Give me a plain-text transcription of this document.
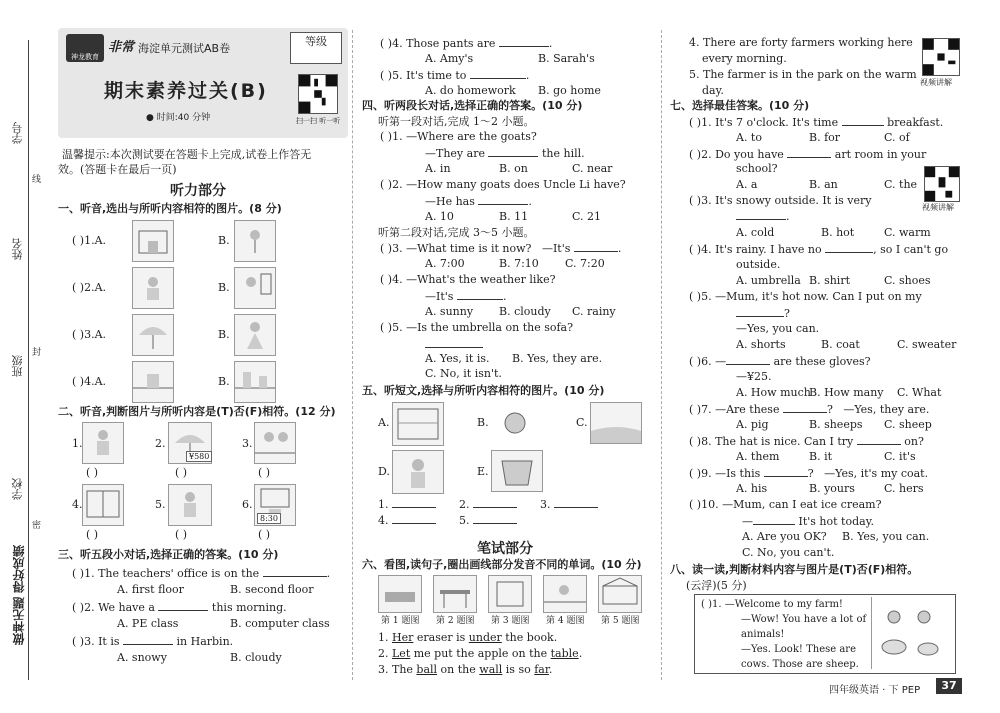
学号
姓名
班级
学校
线
封
密
做神无题 得好成绩
神龙教育
非常 海淀单元测试AB卷
等级
期末素养过关(B)
● 时间:40 分钟	扫一扫 听一听
温馨提示:本次测试要在答题卡上完成,试卷上作答无
效。(答题卡在最后一页)
听力部分
一、听音,选出与所听内容相符的图片。(8 分)
( )1.A.	B.
( )2.A.	B.
( )3.A.	B.
( )4.A.	B.
二、听音,判断图片与所听内容是(T)否(F)相符。(12 分)
1.
( )
2.
¥580
( )
3.
( )
4.
( )
5.
( )
6.
8:30
( )
三、听五段小对话,选择正确的答案。(10 分)
( )1. The teachers' office is on the	.
A. first floor	B. second floor
( )2. We have a	this morning.
A. PE class	B. computer class
( )3. It is	in Harbin.
A. snowy	B. cloudy
( )4. Those pants are	.
A. Amy's	B. Sarah's
( )5. It's time to	.
A. do homework B. go home
四、听两段长对话,选择正确的答案。(10 分)
听第一段对话,完成 1～2 小题。
( )1. —Where are the goats?
—They are	the hill.
A. in	B. on	C. near
( )2. —How many goats does Uncle Li have?
—He has	.
A. 10	B. 11	C. 21
听第二段对话,完成 3～5 小题。
( )3. —What time is it now? —It's	.
A. 7:00	B. 7:10 C. 7:20
( )4. —What's the weather like?
—It's	.
A. sunny B. cloudy C. rainy
( )5. —Is the umbrella on the sofa?
A. Yes, it is. B. Yes, they are.
C. No, it isn't.
五、听短文,选择与所听内容相符的图片。(10 分)
A.	B.	C.
D.	E.
1.	2.	3.
4.	5.
笔试部分
六、看图,读句子,圈出画线部分发音不同的单词。(10 分)
第 1 题图 第 2 题图 第 3 题图 第 4 题图 第 5 题图
1. Her eraser is under the book.
2. Let me put the apple on the table.
3. The ball on the wall is so far.
4. There are forty farmers working here
every morning.
5. The farmer is in the park on the warm
day.
视频讲解
七、选择最佳答案。(10 分)
( )1. It's 7 o'clock. It's time	breakfast.
A. to	B. for	C. of
( )2. Do you have	art room in your
school?
A. a	B. an	C. the
视频讲解
( )3. It's snowy outside. It is very
.
A. cold	B. hot	C. warm
( )4. It's rainy. I have no	, so I can't go
outside.
A. umbrella B. shirt	C. shoes
( )5. —Mum, it's hot now. Can I put on my
?
—Yes, you can.
A. shorts	B. coat	C. sweater
( )6. —	are these gloves?
—¥25.
A. How much
B. How many C. What
( )7. —Are these	? —Yes, they are.
A. pig	B. sheeps C. sheep
( )8. The hat is nice. Can I try	on?
A. them	B. it	C. it's
( )9. —Is this	? —Yes, it's my coat.
A. his	B. yours	C. hers
( )10. —Mum, can I eat ice cream?
—	It's hot today.
A. Are you OK? B. Yes, you can.
C. No, you can't.
八、读一读,判断材料内容与图片是(T)否(F)相符。
(云浮)(5 分)
( )1. —Welcome to my farm!
—Wow! You have a lot of
animals!
—Yes. Look! These are
cows. Those are sheep.
四年级英语 · 下 PEP	37
